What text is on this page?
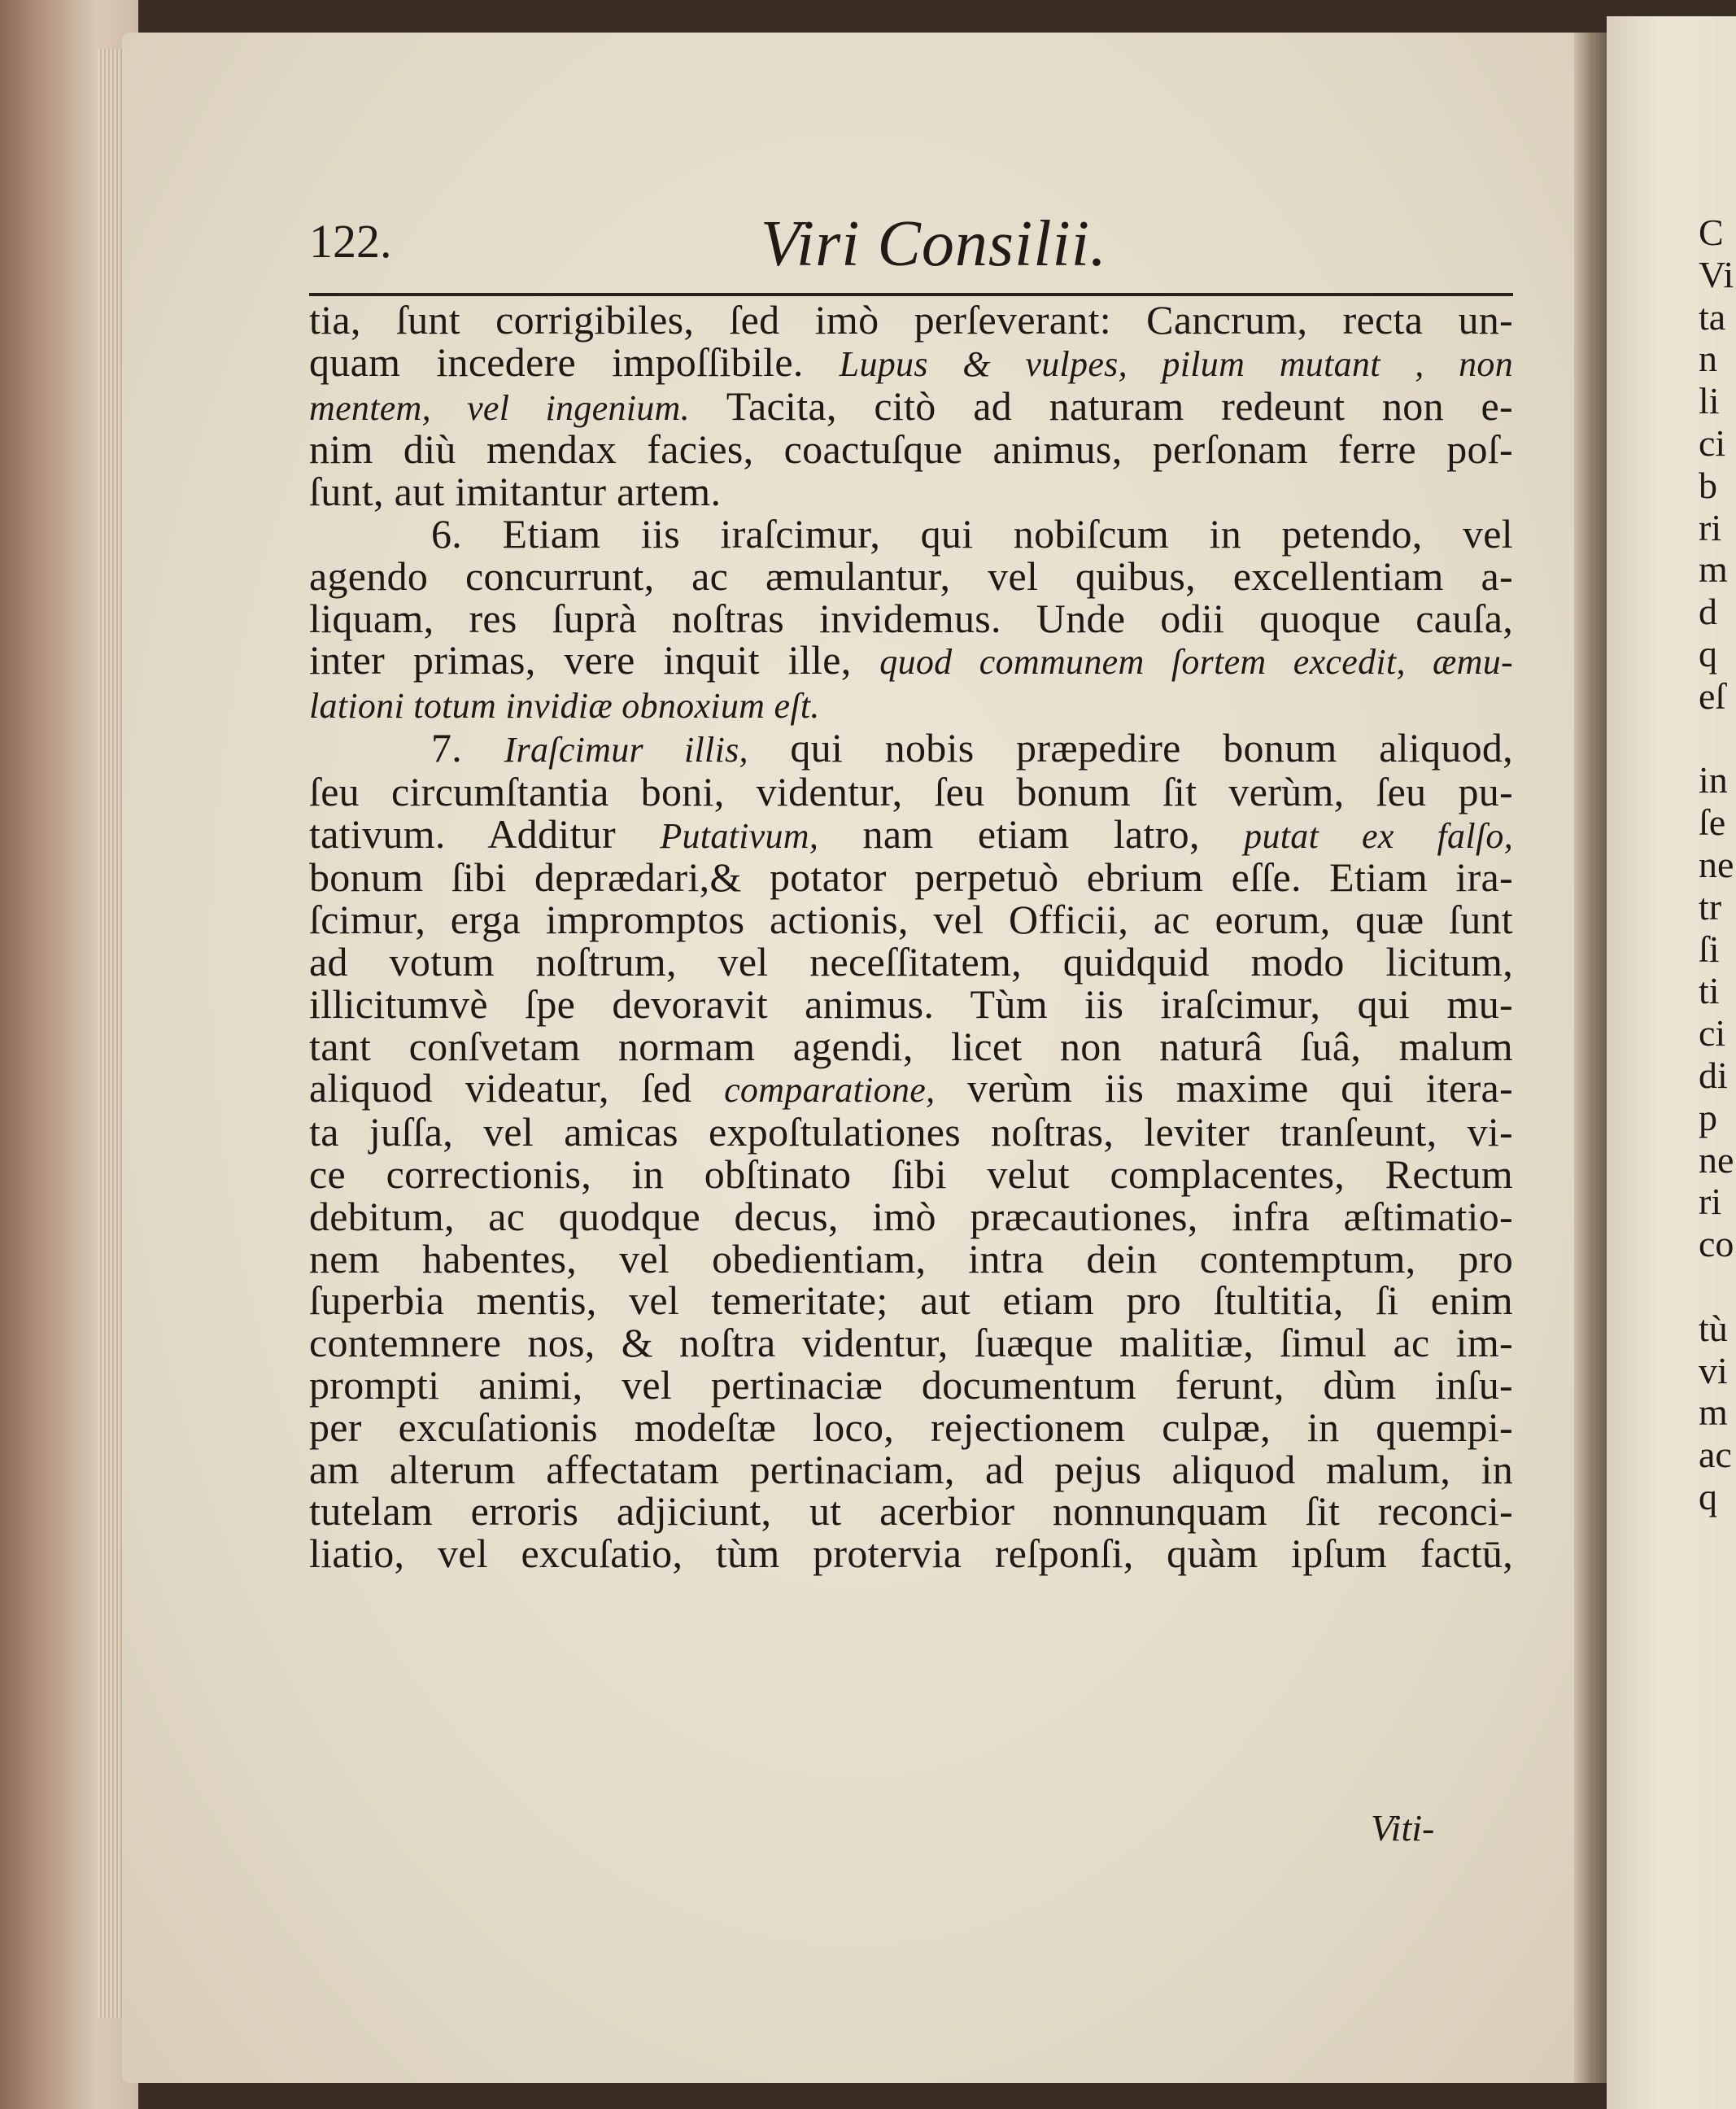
122.	Viri Consilii.
tia, ſunt corrigibiles, ſed imò perſeverant: Cancrum, recta un-
quam incedere impoſſibile. Lupus & vulpes, pilum mutant , non
mentem, vel ingenium. Tacita, citò ad naturam redeunt non e-
nim diù mendax facies, coactuſque animus, perſonam ferre poſ-
ſunt, aut imitantur artem.
6. Etiam iis iraſcimur, qui nobiſcum in petendo, vel
agendo concurrunt, ac æmulantur, vel quibus, excellentiam a-
liquam, res ſuprà noſtras invidemus. Unde odii quoque cauſa,
inter primas, vere inquit ille, quod communem ſortem excedit, æmu-
lationi totum invidiæ obnoxium eſt.
7. Iraſcimur illis, qui nobis præpedire bonum aliquod,
ſeu circumſtantia boni, videntur, ſeu bonum ſit verùm, ſeu pu-
tativum. Additur Putativum, nam etiam latro, putat ex falſo,
bonum ſibi deprædari,& potator perpetuò ebrium eſſe. Etiam ira-
ſcimur, erga impromptos actionis, vel Officii, ac eorum, quæ ſunt
ad votum noſtrum, vel neceſſitatem, quidquid modo licitum,
illicitumvè ſpe devoravit animus. Tùm iis iraſcimur, qui mu-
tant conſvetam normam agendi, licet non naturâ ſuâ, malum
aliquod videatur, ſed comparatione, verùm iis maxime qui itera-
ta juſſa, vel amicas expoſtulationes noſtras, leviter tranſeunt, vi-
ce correctionis, in obſtinato ſibi velut complacentes, Rectum
debitum, ac quodque decus, imò præcautiones, infra æſtimatio-
nem habentes, vel obedientiam, intra dein contemptum, pro
ſuperbia mentis, vel temeritate; aut etiam pro ſtultitia, ſi enim
contemnere nos, & noſtra videntur, ſuæque malitiæ, ſimul ac im-
prompti animi, vel pertinaciæ documentum ferunt, dùm inſu-
per excuſationis modeſtæ loco, rejectionem culpæ, in quempi-
am alterum affectatam pertinaciam, ad pejus aliquod malum, in
tutelam erroris adjiciunt, ut acerbior nonnunquam ſit reconci-
liatio, vel excuſatio, tùm protervia reſponſi, quàm ipſum factū,
Viti-
C
Vi
ta
n
li
ci
b
ri
m
d
q
eſ

in
ſe
ne
tr
ſi
ti
ci
di
p
ne
ri
co

tù
vi
m
ac
q
